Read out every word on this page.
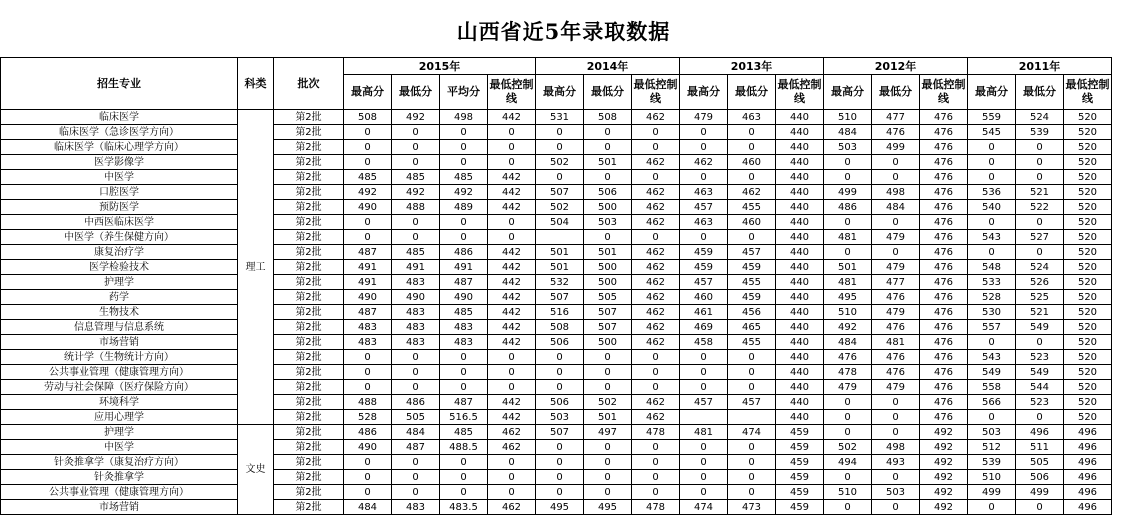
山西省近5年录取数据
招生专业	科类	批次	2015年				2014年			2013年			2012年			2011年		
			最高分	最低分	平均分	最低控制线	最高分	最低分	最低控制线	最高分	最低分	最低控制线	最高分	最低分	最低控制线	最高分	最低分	最低控制线
临床医学	理工	第2批	508	492	498	442	531	508	462	479	463	440	510	477	476	559	524	520
临床医学（急诊医学方向）		第2批	0	0	0	0	0	0	0	0	0	440	484	476	476	545	539	520
临床医学（临床心理学方向）		第2批	0	0	0	0	0	0	0	0	0	440	503	499	476	0	0	520
医学影像学		第2批	0	0	0	0	502	501	462	462	460	440	0	0	476	0	0	520
中医学		第2批	485	485	485	442	0	0	0	0	0	440	0	0	476	0	0	520
口腔医学		第2批	492	492	492	442	507	506	462	463	462	440	499	498	476	536	521	520
预防医学		第2批	490	488	489	442	502	500	462	457	455	440	486	484	476	540	522	520
中西医临床医学		第2批	0	0	0	0	504	503	462	463	460	440	0	0	476	0	0	520
中医学（养生保健方向）		第2批	0	0	0	0		0	0	0	0	440	481	479	476	543	527	520
康复治疗学		第2批	487	485	486	442	501	501	462	459	457	440	0	0	476	0	0	520
医学检验技术		第2批	491	491	491	442	501	500	462	459	459	440	501	479	476	548	524	520
护理学		第2批	491	483	487	442	532	500	462	457	455	440	481	477	476	533	526	520
药学		第2批	490	490	490	442	507	505	462	460	459	440	495	476	476	528	525	520
生物技术		第2批	487	483	485	442	516	507	462	461	456	440	510	479	476	530	521	520
信息管理与信息系统		第2批	483	483	483	442	508	507	462	469	465	440	492	476	476	557	549	520
市场营销		第2批	483	483	483	442	506	500	462	458	455	440	484	481	476	0	0	520
统计学（生物统计方向）		第2批	0	0	0	0	0	0	0	0	0	440	476	476	476	543	523	520
公共事业管理（健康管理方向）		第2批	0	0	0	0	0	0	0	0	0	440	478	476	476	549	549	520
劳动与社会保障（医疗保险方向）		第2批	0	0	0	0	0	0	0	0	0	440	479	479	476	558	544	520
环境科学		第2批	488	486	487	442	506	502	462	457	457	440	0	0	476	566	523	520
应用心理学		第2批	528	505	516.5	442	503	501	462			440	0	0	476	0	0	520
护理学	文史	第2批	486	484	485	462	507	497	478	481	474	459	0	0	492	503	496	496
中医学		第2批	490	487	488.5	462	0	0	0	0	0	459	502	498	492	512	511	496
针灸推拿学（康复治疗方向）		第2批	0	0	0	0	0	0	0	0	0	459	494	493	492	539	505	496
针灸推拿学		第2批	0	0	0	0	0	0	0	0	0	459	0	0	492	510	506	496
公共事业管理（健康管理方向）		第2批	0	0	0	0	0	0	0	0	0	459	510	503	492	499	499	496
市场营销		第2批	484	483	483.5	462	495	495	478	474	473	459	0	0	492	0	0	496
